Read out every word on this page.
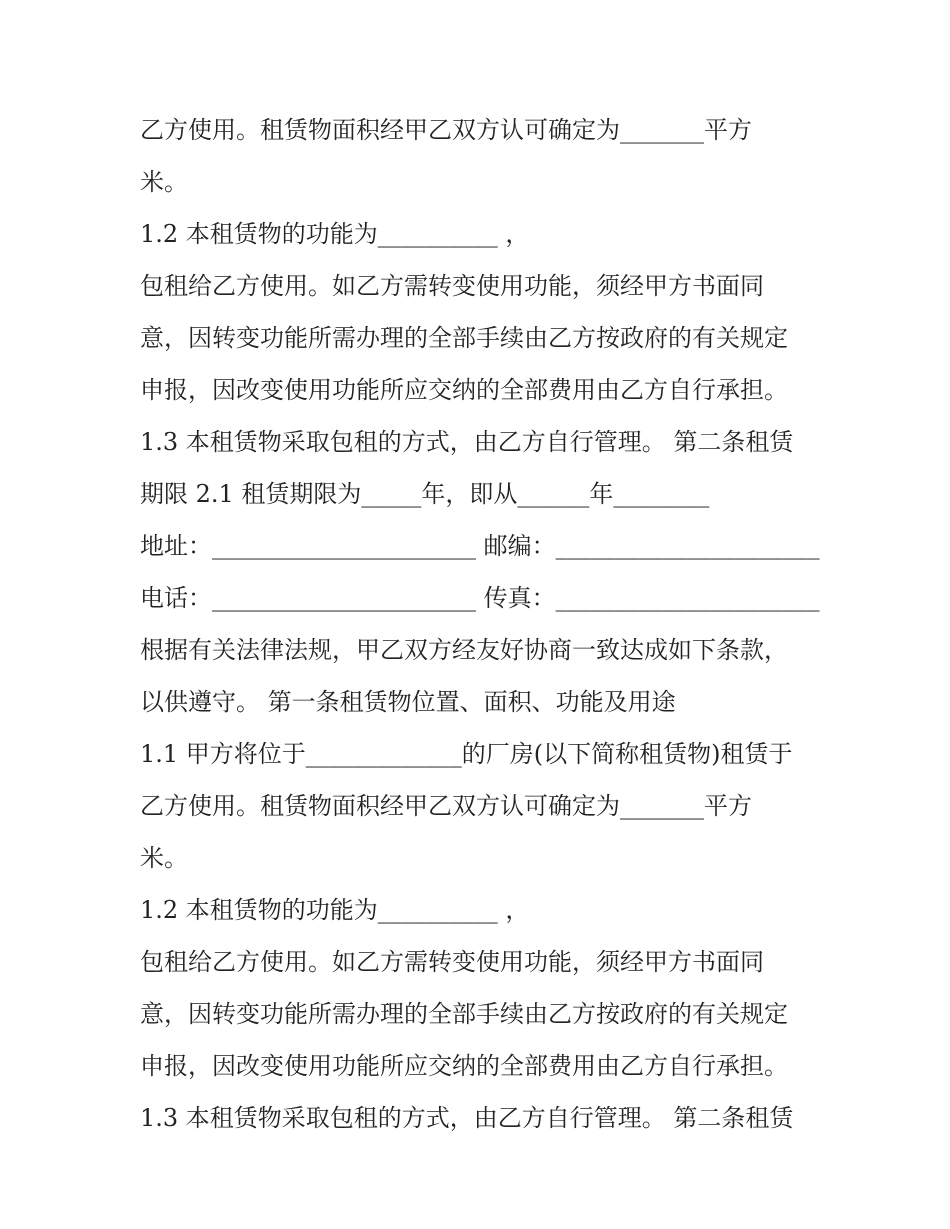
乙方使用。租赁物面积经甲乙双方认可确定为_______平方
米。
1.2 本租赁物的功能为__________ ，
包租给乙方使用。如乙方需转变使用功能，须经甲方书面同
意，因转变功能所需办理的全部手续由乙方按政府的有关规定
申报，因改变使用功能所应交纳的全部费用由乙方自行承担。
1.3 本租赁物采取包租的方式，由乙方自行管理。 第二条租赁
期限 2.1 租赁期限为_____年，即从______年________
地址：______________________ 邮编：______________________
电话：______________________ 传真：______________________
根据有关法律法规，甲乙双方经友好协商一致达成如下条款，
以供遵守。 第一条租赁物位置、面积、功能及用途
1.1 甲方将位于_____________的厂房(以下简称租赁物)租赁于
乙方使用。租赁物面积经甲乙双方认可确定为_______平方
米。
1.2 本租赁物的功能为__________ ，
包租给乙方使用。如乙方需转变使用功能，须经甲方书面同
意，因转变功能所需办理的全部手续由乙方按政府的有关规定
申报，因改变使用功能所应交纳的全部费用由乙方自行承担。
1.3 本租赁物采取包租的方式，由乙方自行管理。 第二条租赁
